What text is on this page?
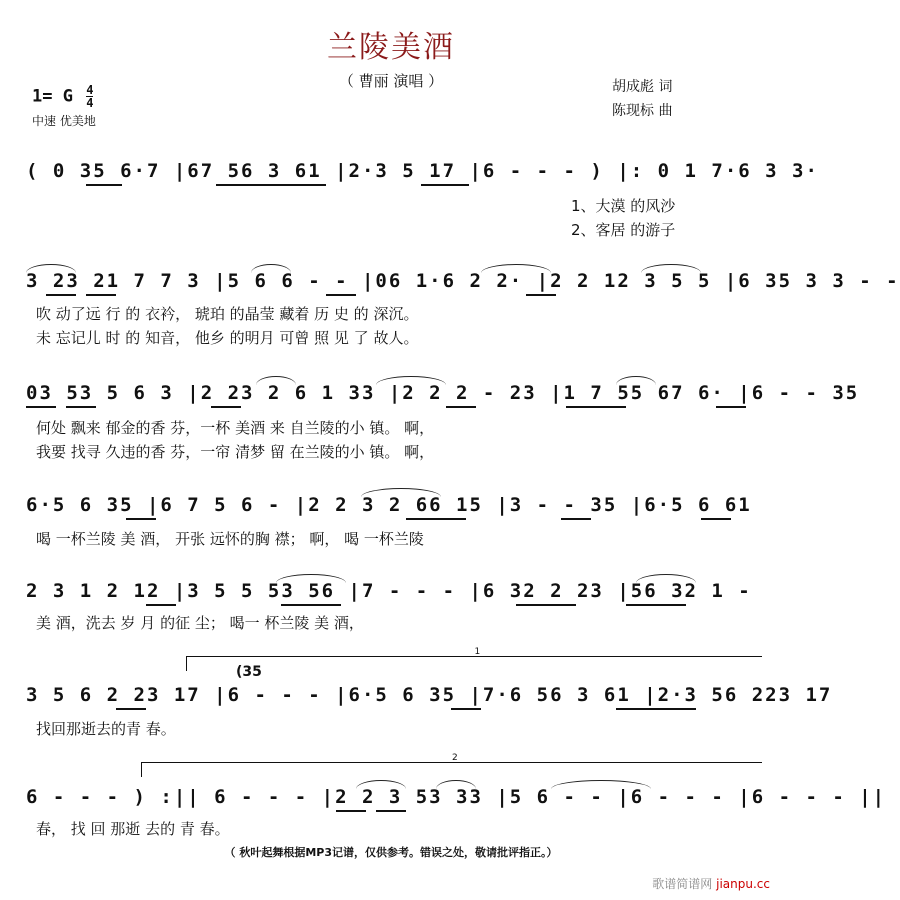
兰陵美酒
（ 曹丽 演唱 ）
1= G $\frac{4}{4}$
中速 优美地
胡成彪 词
陈现标 曲
( 0 35 6·7 |67 56 3 61 |2·3 5 17 |6 - - - ) |: 0 1 7·6 3 3·
1、大漠 的风沙
2、客居 的游子
3 23 21 7 7 3 |5 6 6 - - |06 1·6 2 2· |2 2 12 3 5 5 |6 35 3 3 - -
吹 动了远 行 的 衣衿， 琥珀 的晶莹 藏着 历 史 的 深沉。
未 忘记儿 时 的 知音， 他乡 的明月 可曾 照 见 了 故人。
03 53 5 6 3 |2 23 2 6 1 33 |2 2 2 - 23 |1 7 55 67 6· |6 - - 35
何处 飘来 郁金的香 芬，一杯 美酒 来 自兰陵的小 镇。 啊，
我要 找寻 久违的香 芬，一帘 清梦 留 在兰陵的小 镇。 啊，
6·5 6 35 |6 7 5 6 - |2 2 3 2 66 15 |3 - - 35 |6·5 6 61
喝 一杯兰陵 美 酒， 开张 远怀的胸 襟； 啊， 喝 一杯兰陵
2 3 1 2 12 |3 5 5 53 56 |7 - - - |6 32 2 23 |56 32 1 -
美 酒，洗去 岁 月 的征 尘； 喝一 杯兰陵 美 酒，
1
(35
3 5 6 2 23 17 |6 - - - |6·5 6 35 |7·6 56 3 61 |2·3 56 223 17
找回那逝去的青 春。
2
6 - - - ) :|| 6 - - - |2 2 3 53 33 |5 6 - - |6 - - - |6 - - - ||
春， 找 回 那逝 去的 青 春。
（ 秋叶起舞根据MP3记谱，仅供参考。错误之处，敬请批评指正。）
歌谱简谱网 jianpu.cc
